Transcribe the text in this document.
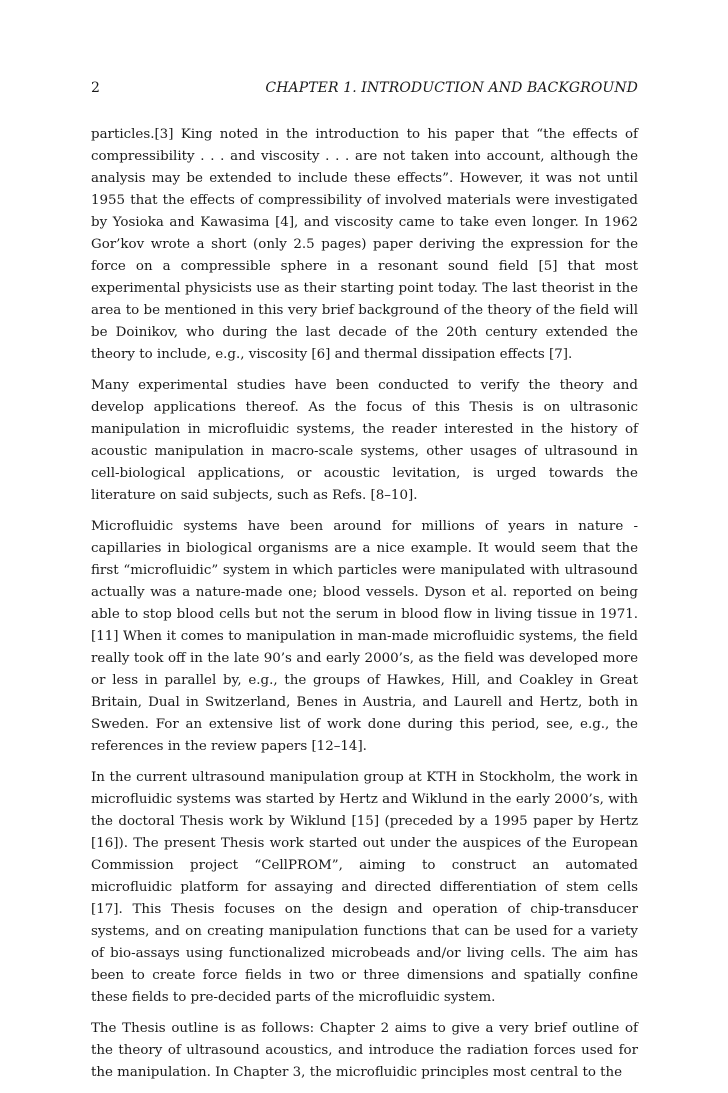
2	CHAPTER 1. INTRODUCTION AND BACKGROUND

particles.[3] King noted in the introduction to his paper that “the effects of compressibility . . . and viscosity . . . are not taken into account, although the analysis may be extended to include these effects”. However, it was not until 1955 that the effects of compressibility of involved materials were investigated by Yosioka and Kawasima [4], and viscosity came to take even longer. In 1962 Gor’kov wrote a short (only 2.5 pages) paper deriving the expression for the force on a compressible sphere in a resonant sound field [5] that most experimental physicists use as their starting point today. The last theorist in the area to be mentioned in this very brief background of the theory of the field will be Doinikov, who during the last decade of the 20th century extended the theory to include, e.g., viscosity [6] and thermal dissipation effects [7].

Many experimental studies have been conducted to verify the theory and develop applications thereof. As the focus of this Thesis is on ultrasonic manipulation in microfluidic systems, the reader interested in the history of acoustic manipulation in macro-scale systems, other usages of ultrasound in cell-biological applications, or acoustic levitation, is urged towards the literature on said subjects, such as Refs. [8–10].

Microfluidic systems have been around for millions of years in nature - capillaries in biological organisms are a nice example. It would seem that the first “microfluidic” system in which particles were manipulated with ultrasound actually was a nature-made one; blood vessels. Dyson et al. reported on being able to stop blood cells but not the serum in blood flow in living tissue in 1971.[11] When it comes to manipulation in man-made microfluidic systems, the field really took off in the late 90’s and early 2000’s, as the field was developed more or less in parallel by, e.g., the groups of Hawkes, Hill, and Coakley in Great Britain, Dual in Switzerland, Benes in Austria, and Laurell and Hertz, both in Sweden. For an extensive list of work done during this period, see, e.g., the references in the review papers [12–14].

In the current ultrasound manipulation group at KTH in Stockholm, the work in microfluidic systems was started by Hertz and Wiklund in the early 2000’s, with the doctoral Thesis work by Wiklund [15] (preceded by a 1995 paper by Hertz [16]). The present Thesis work started out under the auspices of the European Commission project “CellPROM”, aiming to construct an automated microfluidic platform for assaying and directed differentiation of stem cells [17]. This Thesis focuses on the design and operation of chip-transducer systems, and on creating manipulation functions that can be used for a variety of bio-assays using functionalized microbeads and/or living cells. The aim has been to create force fields in two or three dimensions and spatially confine these fields to pre-decided parts of the microfluidic system.

The Thesis outline is as follows: Chapter 2 aims to give a very brief outline of the theory of ultrasound acoustics, and introduce the radiation forces used for the manipulation. In Chapter 3, the microfluidic principles most central to the
